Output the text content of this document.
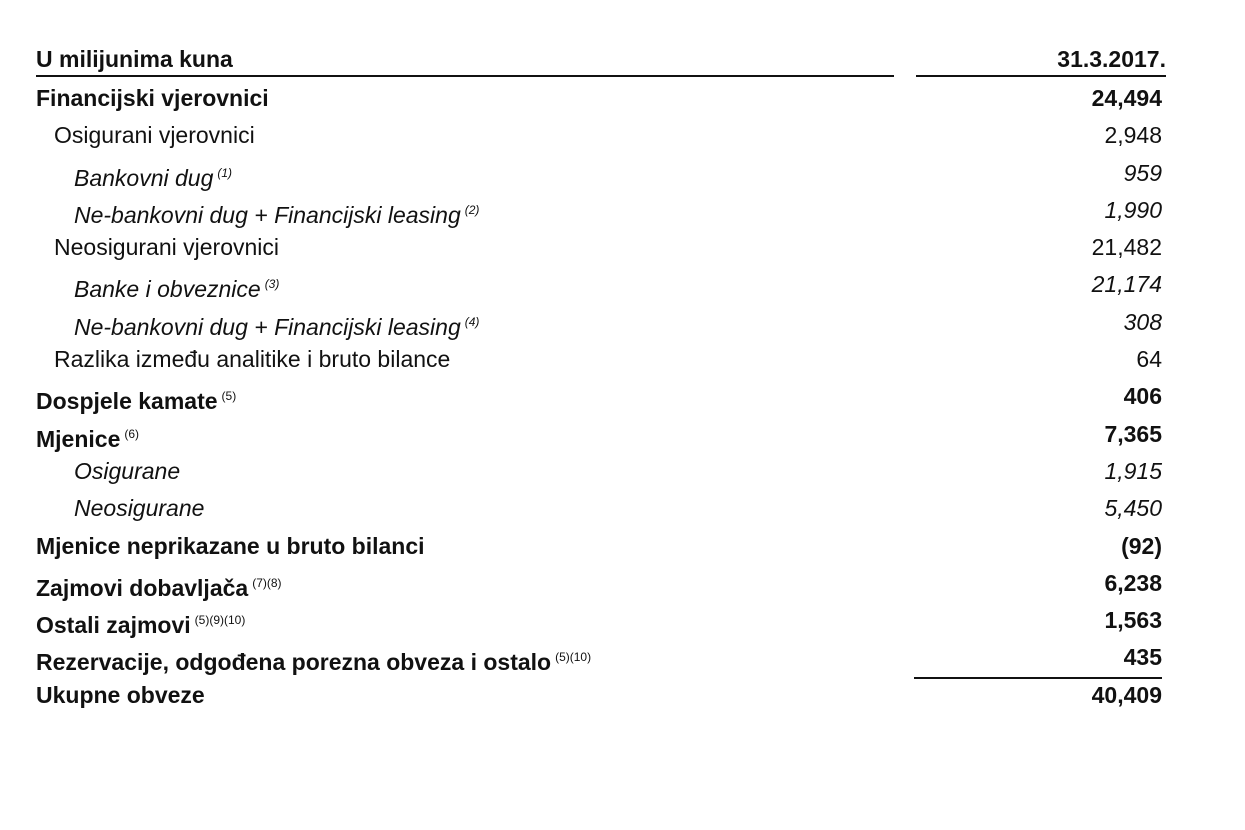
U milijunima kuna	31.3.2017.
Financijski vjerovnici	24,494
Osigurani vjerovnici	2,948
Bankovni dug $^{(1)}$	959
Ne-bankovni dug + Financijski leasing $^{(2)}$	1,990
Neosigurani vjerovnici	21,482
Banke i obveznice $^{(3)}$	21,174
Ne-bankovni dug + Financijski leasing $^{(4)}$	308
Razlika između analitike i bruto bilance	64
Dospjele kamate $^{(5)}$	406
Mjenice $^{(6)}$	7,365
Osigurane	1,915
Neosigurane	5,450
Mjenice neprikazane u bruto bilanci	(92)
Zajmovi dobavljača $^{(7)(8)}$	6,238
Ostali zajmovi $^{(5)(9)(10)}$	1,563
Rezervacije, odgođena porezna obveza i ostalo $^{(5)(10)}$	435
Ukupne obveze	40,409
